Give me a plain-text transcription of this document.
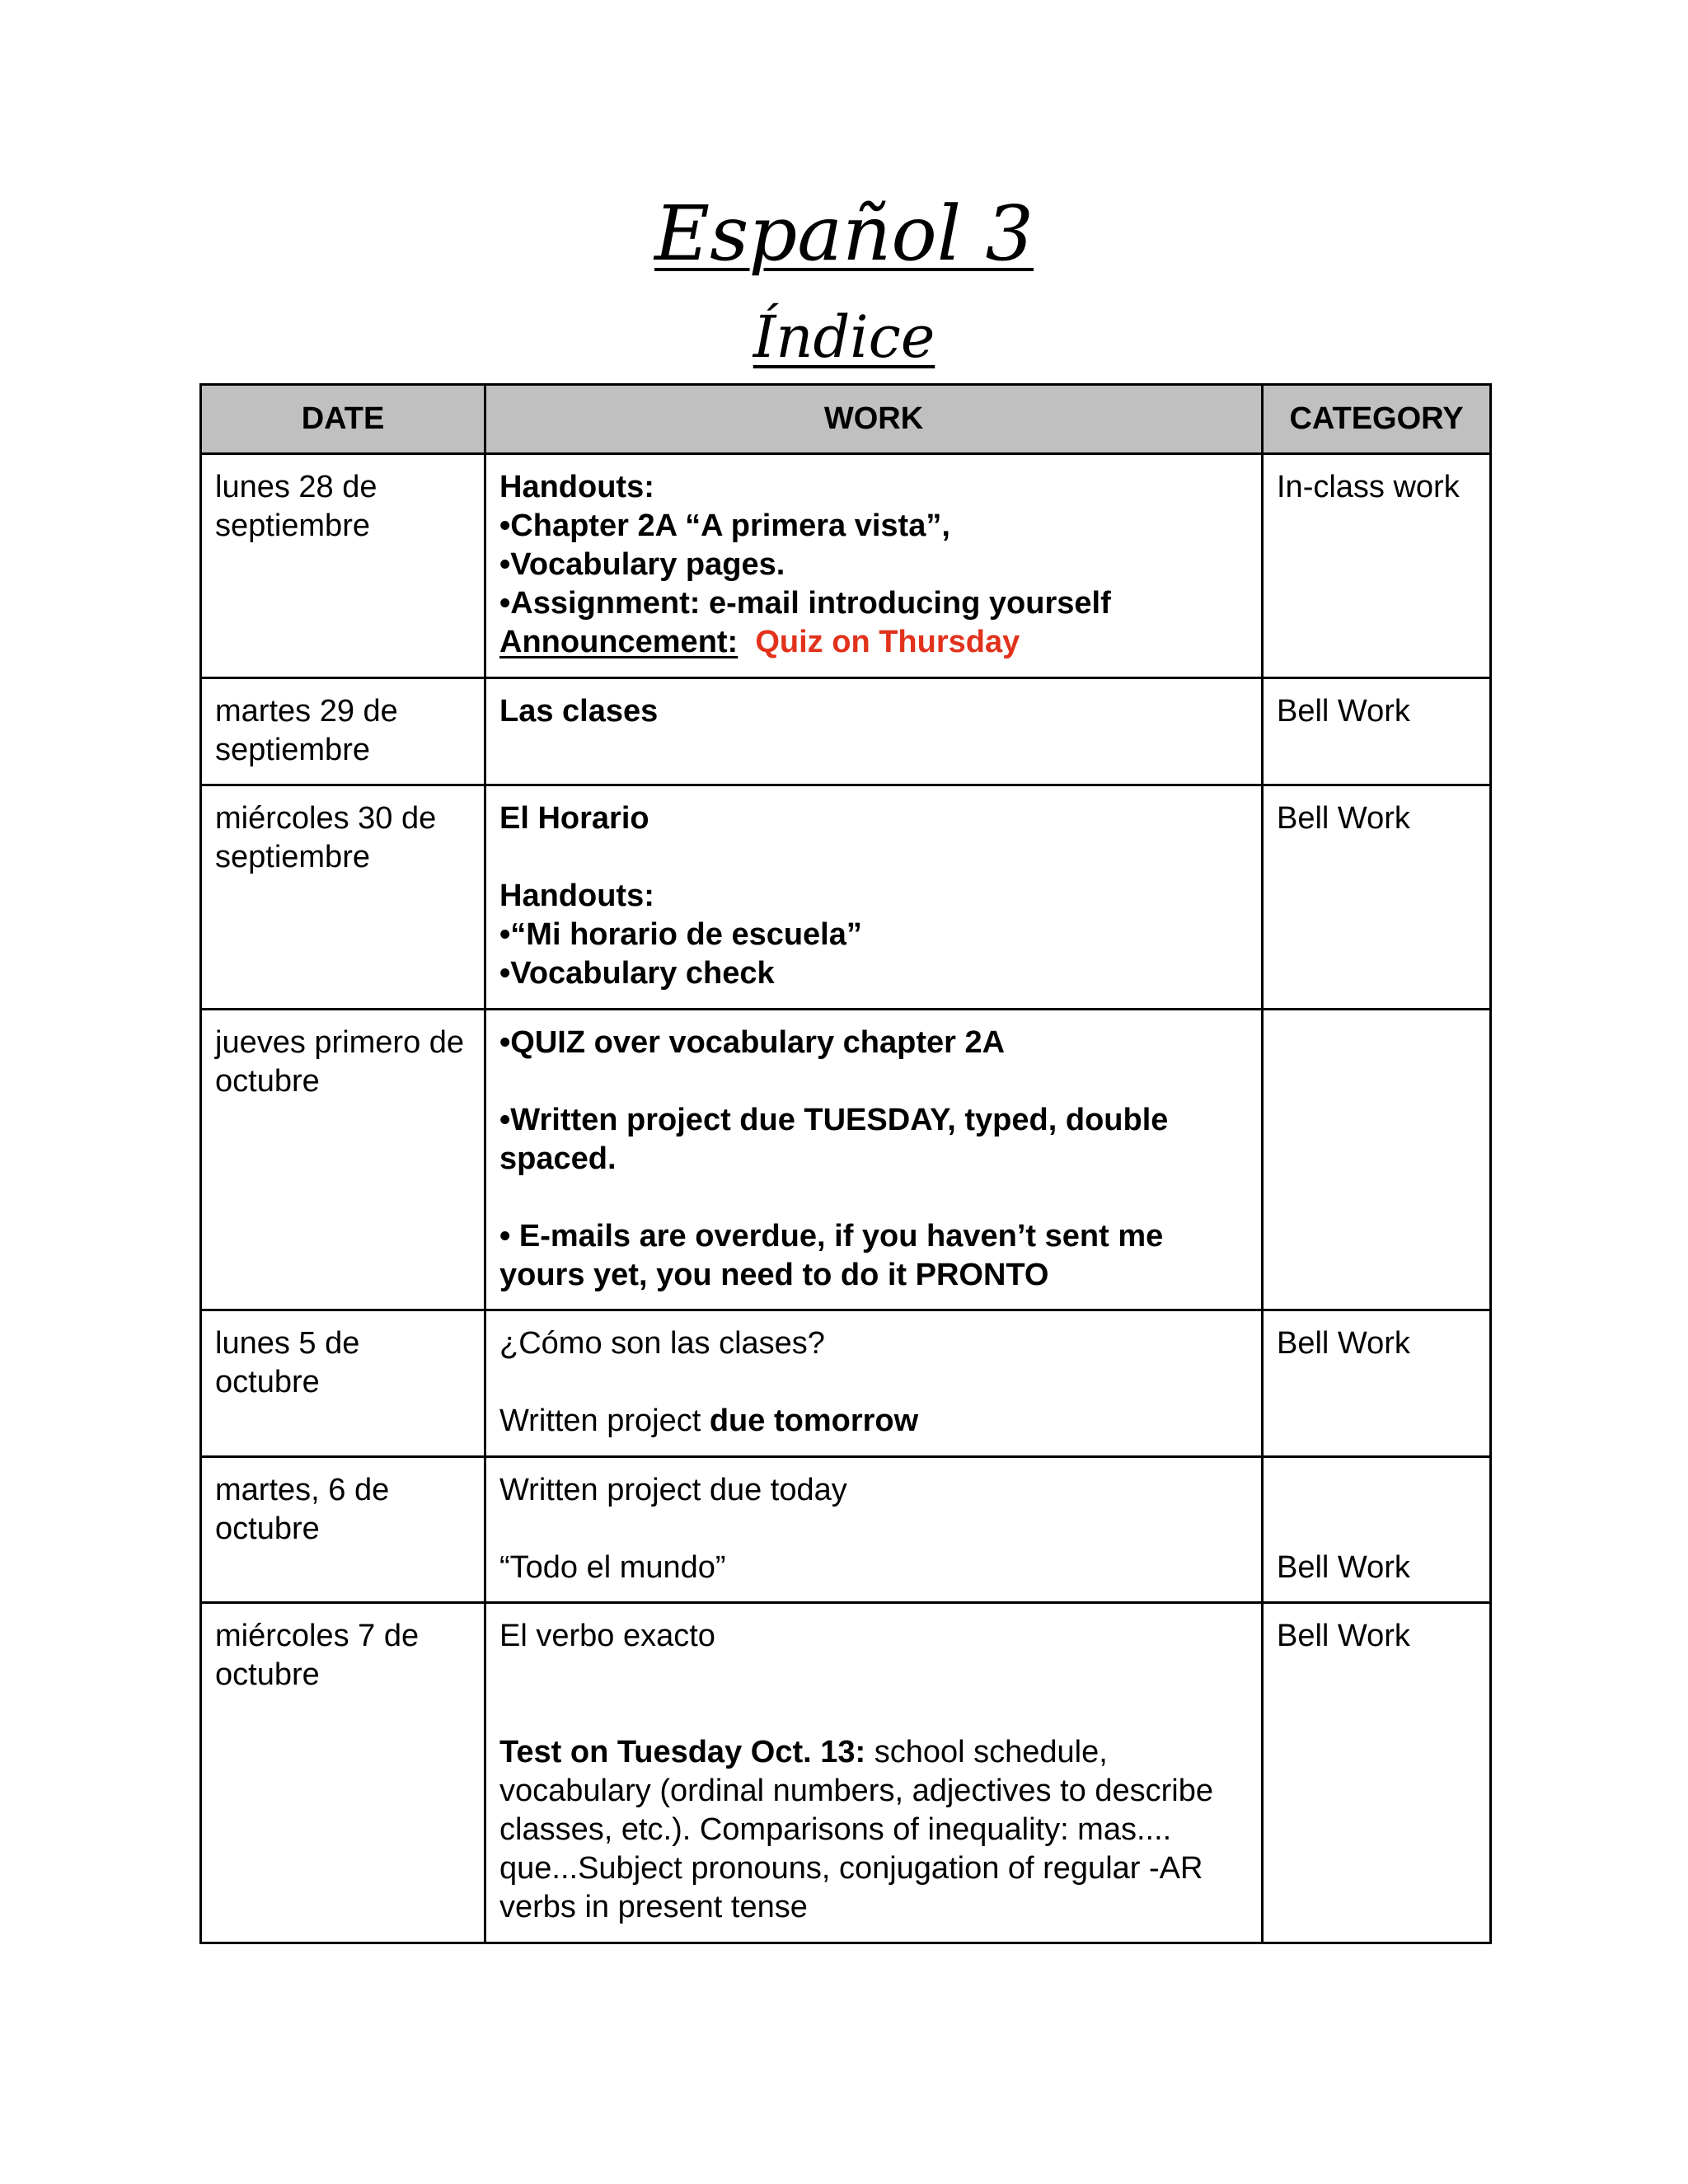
Español 3
Índice
DATE	WORK	CATEGORY
lunes 28 de septiembre	Handouts:
•Chapter 2A “A primera vista”,
•Vocabulary pages.
•Assignment: e-mail introducing yourself
Announcement: Quiz on Thursday	In-class work
martes 29 de septiembre	Las clases	Bell Work
miércoles 30 de septiembre	El Horario
Handouts:
•“Mi horario de escuela”
•Vocabulary check	Bell Work
jueves primero de octubre	•QUIZ over vocabulary chapter 2A
•Written project due TUESDAY, typed, double spaced.
• E-mails are overdue, if you haven’t sent me yours yet, you need to do it PRONTO	

lunes 5 de octubre	¿Cómo son las clases?
Written project due tomorrow	Bell Work
martes, 6 de octubre	Written project due today
“Todo el mundo”	Bell Work

miércoles 7 de octubre	El verbo exacto
Test on Tuesday Oct. 13: school schedule, vocabulary (ordinal numbers, adjectives to describe classes, etc.). Comparisons of inequality: mas.... que...Subject pronouns, conjugation of regular -AR verbs in present tense	Bell Work
